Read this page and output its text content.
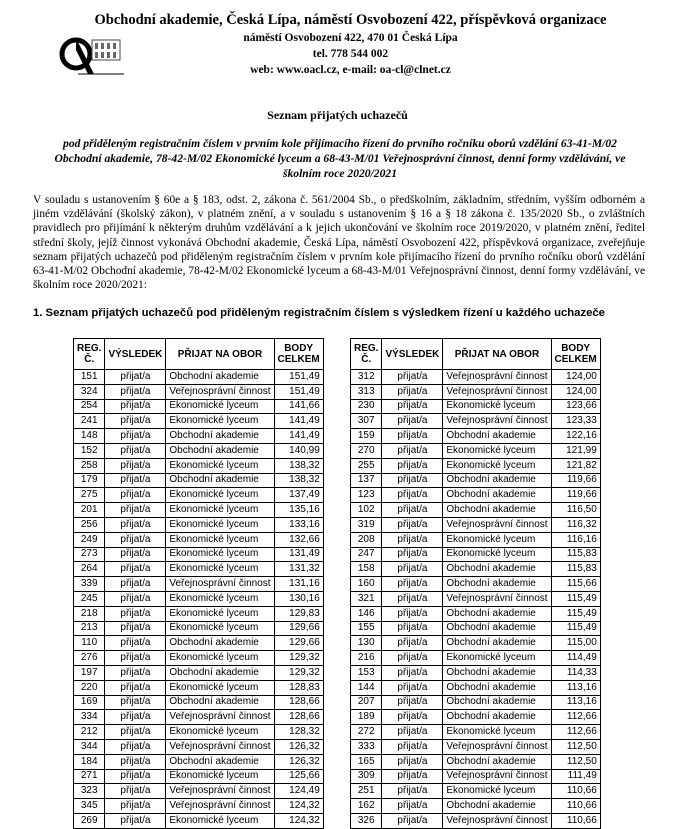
Obchodní akademie, Česká Lípa, náměstí Osvobození 422, příspěvková organizace
náměstí Osvobození 422, 470 01 Česká Lípa
tel. 778 544 002
web: www.oacl.cz, e-mail: oa-cl@clnet.cz
Seznam přijatých uchazečů
pod přiděleným registračním číslem v prvním kole přijímacího řízení do prvního ročníku oborů vzdělání 63-41-M/02 Obchodní akademie, 78-42-M/02 Ekonomické lyceum a 68-43-M/01 Veřejnosprávní činnost, denní formy vzdělávání, ve školním roce 2020/2021
V souladu s ustanovením § 60e a § 183, odst. 2, zákona č. 561/2004 Sb., o předškolním, základním, středním, vyšším odborném a jiném vzdělávání (školský zákon), v platném znění, a v souladu s ustanovením § 16 a § 18 zákona č. 135/2020 Sb., o zvláštních pravidlech pro přijímání k některým druhům vzdělávání a k jejich ukončování ve školním roce 2019/2020, v platném znění, ředitel střední školy, jejíž činnost vykonává Obchodní akademie, Česká Lípa, náměstí Osvobození 422, příspěvková organizace, zveřejňuje seznam přijatých uchazečů pod přiděleným registračním číslem v prvním kole přijímacího řízení do prvního ročníku oborů vzdělání 63-41-M/02 Obchodní akademie, 78-42-M/02 Ekonomické lyceum a 68-43-M/01 Veřejnosprávní činnost, denní formy vzdělávání, ve školním roce 2020/2021:
1. Seznam přijatých uchazečů pod přiděleným registračním číslem s výsledkem řízení u každého uchazeče
REG.
Č.	VÝSLEDEK	PŘIJAT NA OBOR	BODY
CELKEM
151	přijat/a	Obchodní akademie	151,49
324	přijat/a	Veřejnosprávní činnost	151,49
254	přijat/a	Ekonomické lyceum	141,66
241	přijat/a	Ekonomické lyceum	141,49
148	přijat/a	Obchodní akademie	141,49
152	přijat/a	Obchodní akademie	140,99
258	přijat/a	Ekonomické lyceum	138,32
179	přijat/a	Obchodní akademie	138,32
275	přijat/a	Ekonomické lyceum	137,49
201	přijat/a	Ekonomické lyceum	135,16
256	přijat/a	Ekonomické lyceum	133,16
249	přijat/a	Ekonomické lyceum	132,66
273	přijat/a	Ekonomické lyceum	131,49
264	přijat/a	Ekonomické lyceum	131,32
339	přijat/a	Veřejnosprávní činnost	131,16
245	přijat/a	Ekonomické lyceum	130,16
218	přijat/a	Ekonomické lyceum	129,83
213	přijat/a	Ekonomické lyceum	129,66
110	přijat/a	Obchodní akademie	129,66
276	přijat/a	Ekonomické lyceum	129,32
197	přijat/a	Obchodní akademie	129,32
220	přijat/a	Ekonomické lyceum	128,83
169	přijat/a	Obchodní akademie	128,66
334	přijat/a	Veřejnosprávní činnost	128,66
212	přijat/a	Ekonomické lyceum	128,32
344	přijat/a	Veřejnosprávní činnost	126,32
184	přijat/a	Obchodní akademie	126,32
271	přijat/a	Ekonomické lyceum	125,66
323	přijat/a	Veřejnosprávní činnost	124,49
345	přijat/a	Veřejnosprávní činnost	124,32
269	přijat/a	Ekonomické lyceum	124,32
REG.
Č.	VÝSLEDEK	PŘIJAT NA OBOR	BODY
CELKEM
312	přijat/a	Veřejnosprávní činnost	124,00
313	přijat/a	Veřejnosprávní činnost	124,00
230	přijat/a	Ekonomické lyceum	123,66
307	přijat/a	Veřejnosprávní činnost	123,33
159	přijat/a	Obchodní akademie	122,16
270	přijat/a	Ekonomické lyceum	121,99
255	přijat/a	Ekonomické lyceum	121,82
137	přijat/a	Obchodní akademie	119,66
123	přijat/a	Obchodní akademie	119,66
102	přijat/a	Obchodní akademie	116,50
319	přijat/a	Veřejnosprávní činnost	116,32
208	přijat/a	Ekonomické lyceum	116,16
247	přijat/a	Ekonomické lyceum	115,83
158	přijat/a	Obchodní akademie	115,83
160	přijat/a	Obchodní akademie	115,66
321	přijat/a	Veřejnosprávní činnost	115,49
146	přijat/a	Obchodní akademie	115,49
155	přijat/a	Obchodní akademie	115,49
130	přijat/a	Obchodní akademie	115,00
216	přijat/a	Ekonomické lyceum	114,49
153	přijat/a	Obchodní akademie	114,33
144	přijat/a	Obchodní akademie	113,16
207	přijat/a	Obchodní akademie	113,16
189	přijat/a	Obchodní akademie	112,66
272	přijat/a	Ekonomické lyceum	112,66
333	přijat/a	Veřejnosprávní činnost	112,50
165	přijat/a	Obchodní akademie	112,50
309	přijat/a	Veřejnosprávní činnost	111,49
251	přijat/a	Ekonomické lyceum	110,66
162	přijat/a	Obchodní akademie	110,66
326	přijat/a	Veřejnosprávní činnost	110,66
